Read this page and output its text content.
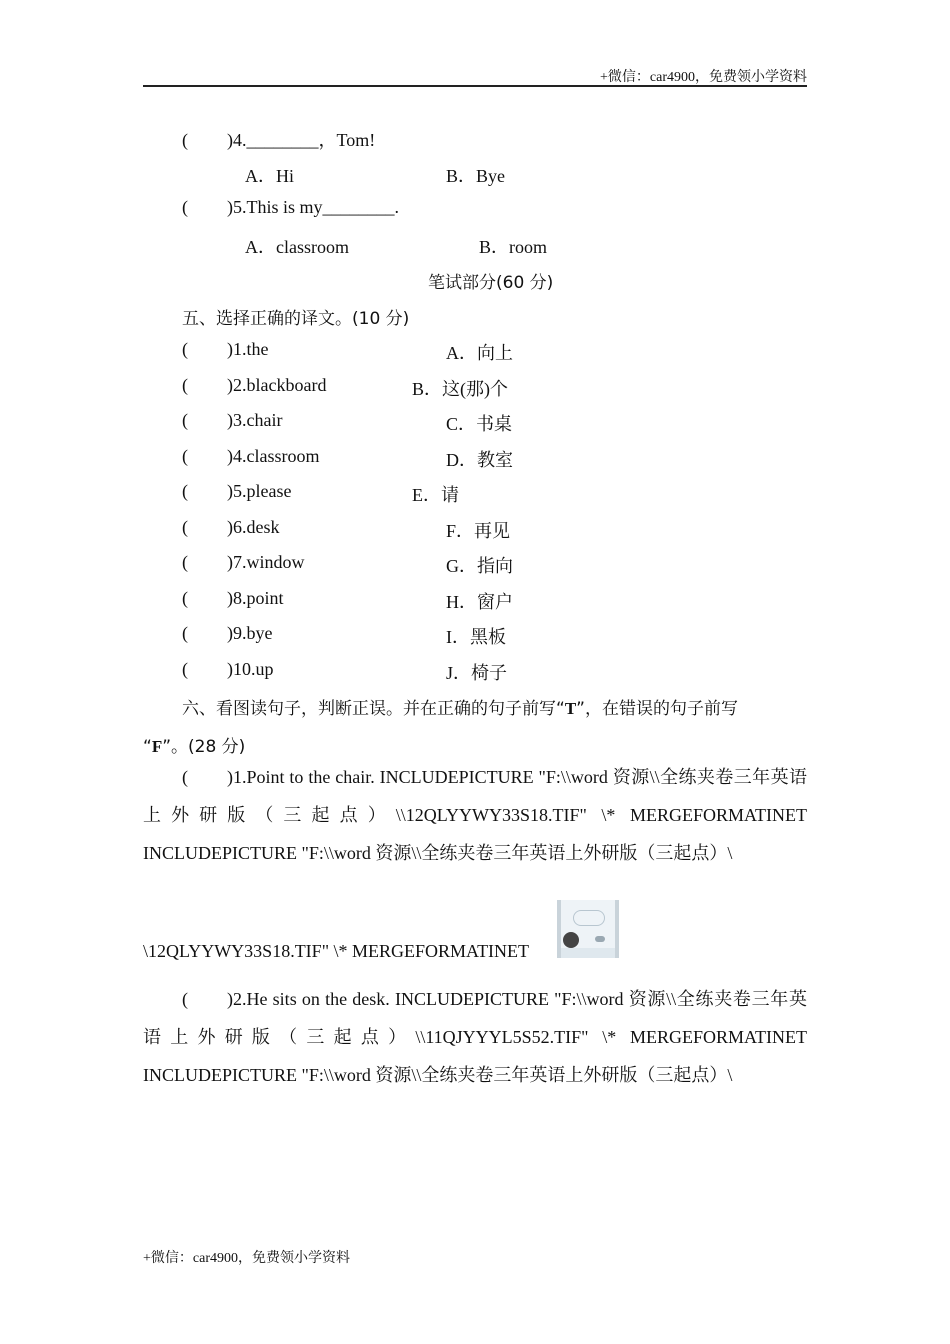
+微信：car4900，免费领小学资料
( )4.________，Tom!
A．Hi	B．Bye
( )5.This is my________.
A．classroom	B．room
笔试部分(60 分)
五、选择正确的译文。(10 分)
( )1.the	A．向上
( )2.blackboard	B．这(那)个
( )3.chair	C．书桌
( )4.classroom	D．教室
( )5.please	E．请
( )6.desk	F．再见
( )7.window	G．指向
( )8.point	H．窗户
( )9.bye	I．黑板
( )10.up	J．椅子
六、看图读句子，判断正误。并在正确的句子前写“T”，在错误的句子前写
“F”。(28 分)
( )1.Point to the chair. INCLUDEPICTURE "F:\\word 资源\\全练夹卷三年英语上外研版（三起点）\\12QLYYWY33S18.TIF" \* MERGEFORMATINET INCLUDEPICTURE "F:\\word 资源\\全练夹卷三年英语上外研版（三起点）\
\12QLYYWY33S18.TIF" \* MERGEFORMATINET
( )2.He sits on the desk. INCLUDEPICTURE "F:\\word 资源\\全练夹卷三年英语上外研版（三起点）\\11QJYYYL5S52.TIF" \* MERGEFORMATINET INCLUDEPICTURE "F:\\word 资源\\全练夹卷三年英语上外研版（三起点）\
+微信：car4900，免费领小学资料
